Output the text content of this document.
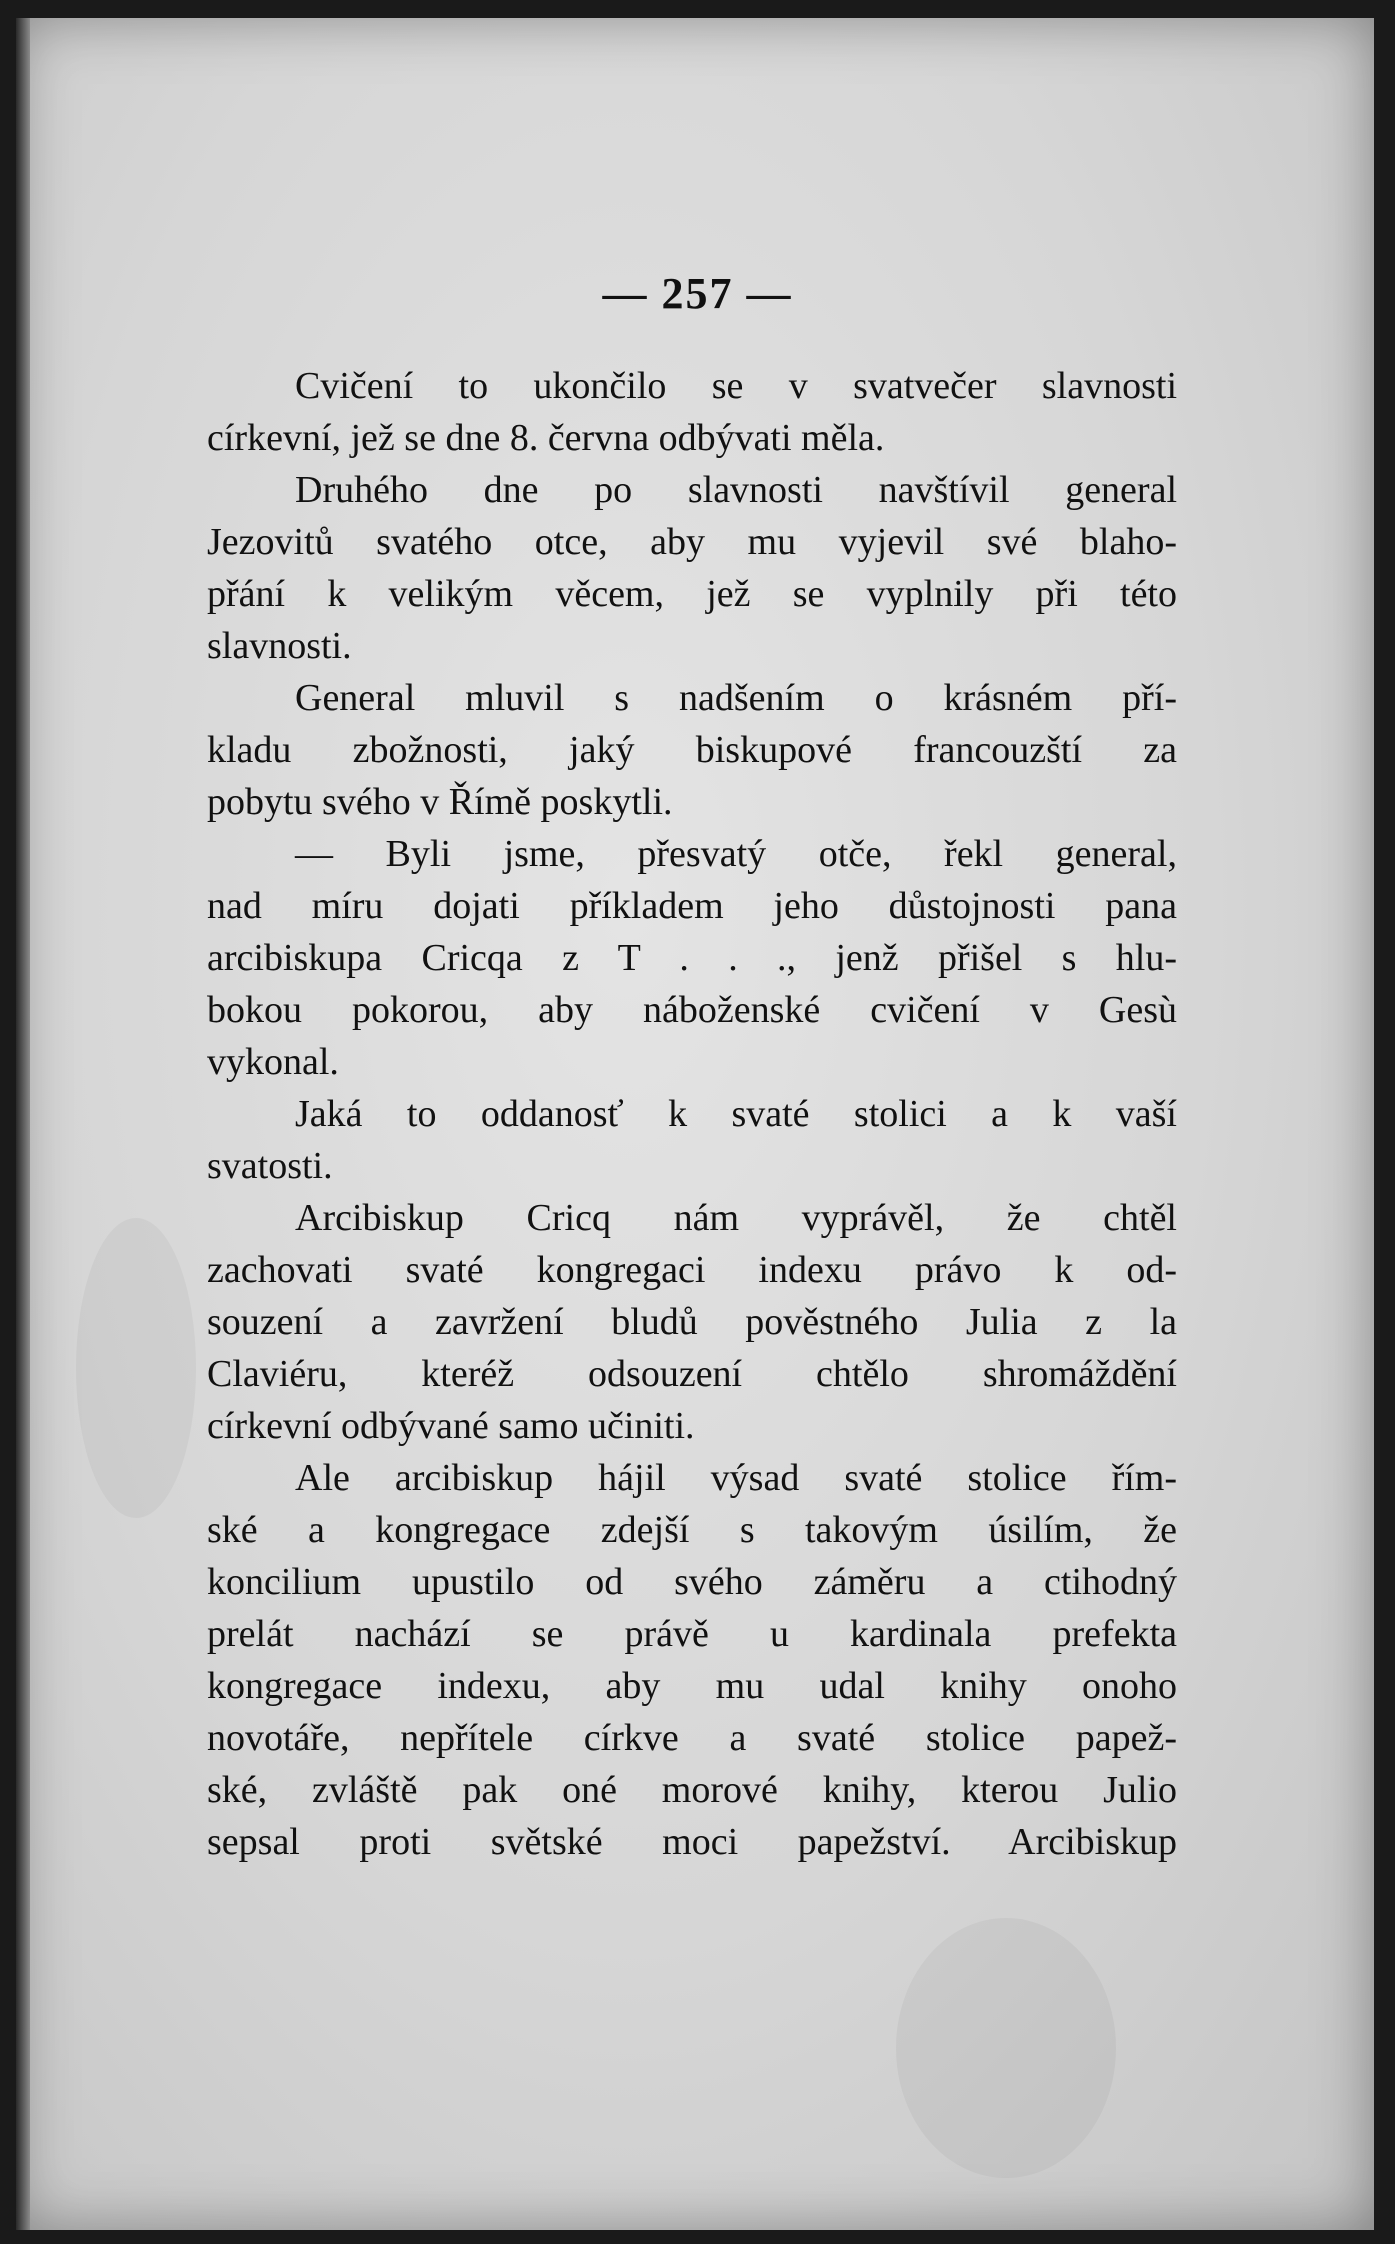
— 257 —
Cvičení to ukončilo se v svatvečer slavnosti
církevní, jež se dne 8. června odbývati měla.
Druhého dne po slavnosti navštívil general
Jezovitů svatého otce, aby mu vyjevil své blaho-
přání k velikým věcem, jež se vyplnily při této
slavnosti.
General mluvil s nadšením o krásném pří-
kladu zbožnosti, jaký biskupové francouzští za
pobytu svého v Římě poskytli.
— Byli jsme, přesvatý otče, řekl general,
nad míru dojati příkladem jeho důstojnosti pana
arcibiskupa Cricqa z T . . ., jenž přišel s hlu-
bokou pokorou, aby náboženské cvičení v Gesù
vykonal.
Jaká to oddanosť k svaté stolici a k vaší
svatosti.
Arcibiskup Cricq nám vyprávěl, že chtěl
zachovati svaté kongregaci indexu právo k od-
souzení a zavržení bludů pověstného Julia z la
Claviéru, kteréž odsouzení chtělo shromáždění
církevní odbývané samo učiniti.
Ale arcibiskup hájil výsad svaté stolice řím-
ské a kongregace zdejší s takovým úsilím, že
koncilium upustilo od svého záměru a ctihodný
prelát nachází se právě u kardinala prefekta
kongregace indexu, aby mu udal knihy onoho
novotáře, nepřítele církve a svaté stolice papež-
ské, zvláště pak oné morové knihy, kterou Julio
sepsal proti světské moci papežství. Arcibiskup
